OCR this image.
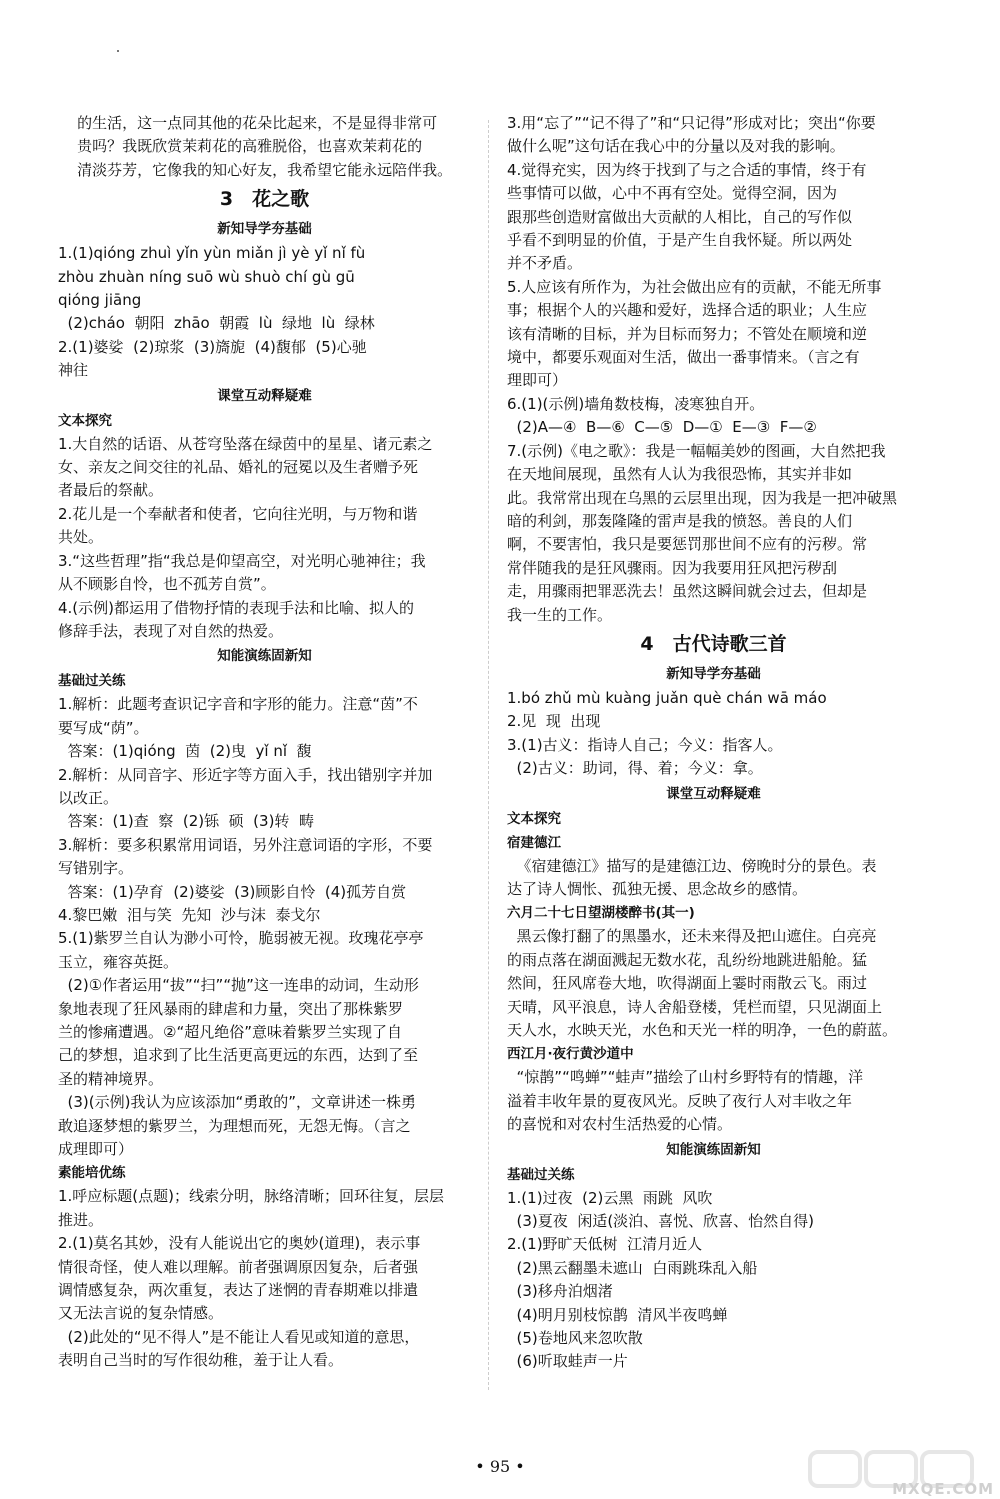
的生活，这一点同其他的花朵比起来，不是显得非常可
贵吗？我既欣赏茉莉花的高雅脱俗，也喜欢茉莉花的
清淡芬芳，它像我的知心好友，我希望它能永远陪伴我。
3　花之歌
新知导学夯基础
1.(1)qióng zhuì yǐn yùn miǎn jì yè yǐ nǐ fù
zhòu zhuàn níng suō wù shuò chí gù gū
qióng jiāng
(2)cháo  朝阳  zhāo  朝霞  lù  绿地  lù  绿林
2.(1)婆娑  (2)琼浆  (3)旖旎  (4)馥郁  (5)心驰
神往
课堂互动释疑难
文本探究
1.大自然的话语、从苍穹坠落在绿茵中的星星、诸元素之
女、亲友之间交往的礼品、婚礼的冠冕以及生者赠予死
者最后的祭献。
2.花儿是一个奉献者和使者，它向往光明，与万物和谐
共处。
3.“这些哲理”指“我总是仰望高空，对光明心驰神往；我
从不顾影自怜，也不孤芳自赏”。
4.(示例)都运用了借物抒情的表现手法和比喻、拟人的
修辞手法，表现了对自然的热爱。
知能演练固新知
基础过关练
1.解析：此题考查识记字音和字形的能力。注意“茵”不
要写成“荫”。
答案：(1)qióng  茵  (2)曳  yǐ nǐ  馥
2.解析：从同音字、形近字等方面入手，找出错别字并加
以改正。
答案：(1)查  察  (2)铄  硕  (3)转  畴
3.解析：要多积累常用词语，另外注意词语的字形，不要
写错别字。
答案：(1)孕育  (2)婆娑  (3)顾影自怜  (4)孤芳自赏
4.黎巴嫩  泪与笑  先知  沙与沫  泰戈尔
5.(1)紫罗兰自认为渺小可怜，脆弱被无视。玫瑰花亭亭
玉立，雍容英挺。
(2)①作者运用“拔”“扫”“抛”这一连串的动词，生动形
象地表现了狂风暴雨的肆虐和力量，突出了那株紫罗
兰的惨痛遭遇。②“超凡绝俗”意味着紫罗兰实现了自
己的梦想，追求到了比生活更高更远的东西，达到了至
圣的精神境界。
(3)(示例)我认为应该添加“勇敢的”，文章讲述一株勇
敢追逐梦想的紫罗兰，为理想而死，无怨无悔。（言之
成理即可）
素能培优练
1.呼应标题(点题)；线索分明，脉络清晰；回环往复，层层
推进。
2.(1)莫名其妙，没有人能说出它的奥妙(道理)，表示事
情很奇怪，使人难以理解。前者强调原因复杂，后者强
调情感复杂，两次重复，表达了迷惘的青春期难以排遣
又无法言说的复杂情感。
(2)此处的“见不得人”是不能让人看见或知道的意思，
表明自己当时的写作很幼稚，羞于让人看。
3.用“忘了”“记不得了”和“只记得”形成对比；突出“你要
做什么呢”这句话在我心中的分量以及对我的影响。
4.觉得充实，因为终于找到了与之合适的事情，终于有
些事情可以做，心中不再有空处。觉得空洞，因为
跟那些创造财富做出大贡献的人相比，自己的写作似
乎看不到明显的价值，于是产生自我怀疑。所以两处
并不矛盾。
5.人应该有所作为，为社会做出应有的贡献，不能无所事
事；根据个人的兴趣和爱好，选择合适的职业；人生应
该有清晰的目标，并为目标而努力；不管处在顺境和逆
境中，都要乐观面对生活，做出一番事情来。（言之有
理即可）
6.(1)(示例)墙角数枝梅，凌寒独自开。
(2)A—④  B—⑥  C—⑤  D—①  E—③  F—②
7.(示例)《电之歌》：我是一幅幅美妙的图画，大自然把我
在天地间展现，虽然有人认为我很恐怖，其实并非如
此。我常常出现在乌黑的云层里出现，因为我是一把冲破黑
暗的利剑，那轰隆隆的雷声是我的愤怒。善良的人们
啊，不要害怕，我只是要惩罚那世间不应有的污秽。常
常伴随我的是狂风骤雨。因为我要用狂风把污秽刮
走，用骤雨把罪恶洗去！虽然这瞬间就会过去，但却是
我一生的工作。
4　古代诗歌三首
新知导学夯基础
1.bó zhǔ mù kuàng juǎn què chán wā máo
2.见  现  出现
3.(1)古义：指诗人自己；今义：指客人。
(2)古义：助词，得、着；今义：拿。
课堂互动释疑难
文本探究
宿建德江
《宿建德江》描写的是建德江边、傍晚时分的景色。表
达了诗人惆怅、孤独无援、思念故乡的感情。
六月二十七日望湖楼醉书(其一)
黑云像打翻了的黑墨水，还未来得及把山遮住。白亮亮
的雨点落在湖面溅起无数水花，乱纷纷地跳进船舱。猛
然间，狂风席卷大地，吹得湖面上霎时雨散云飞。雨过
天晴，风平浪息，诗人舍船登楼，凭栏而望，只见湖面上
天人水，水映天光，水色和天光一样的明净，一色的蔚蓝。
西江月·夜行黄沙道中
“惊鹊”“鸣蝉”“蛙声”描绘了山村乡野特有的情趣，洋
溢着丰收年景的夏夜风光。反映了夜行人对丰收之年
的喜悦和对农村生活热爱的心情。
知能演练固新知
基础过关练
1.(1)过夜  (2)云黑  雨跳  风吹
(3)夏夜  闲适(淡泊、喜悦、欣喜、怡然自得)
2.(1)野旷天低树  江清月近人
(2)黑云翻墨未遮山  白雨跳珠乱入船
(3)移舟泊烟渚
(4)明月别枝惊鹊  清风半夜鸣蝉
(5)卷地风来忽吹散
(6)听取蛙声一片
• 95 •
MXQE.COM
